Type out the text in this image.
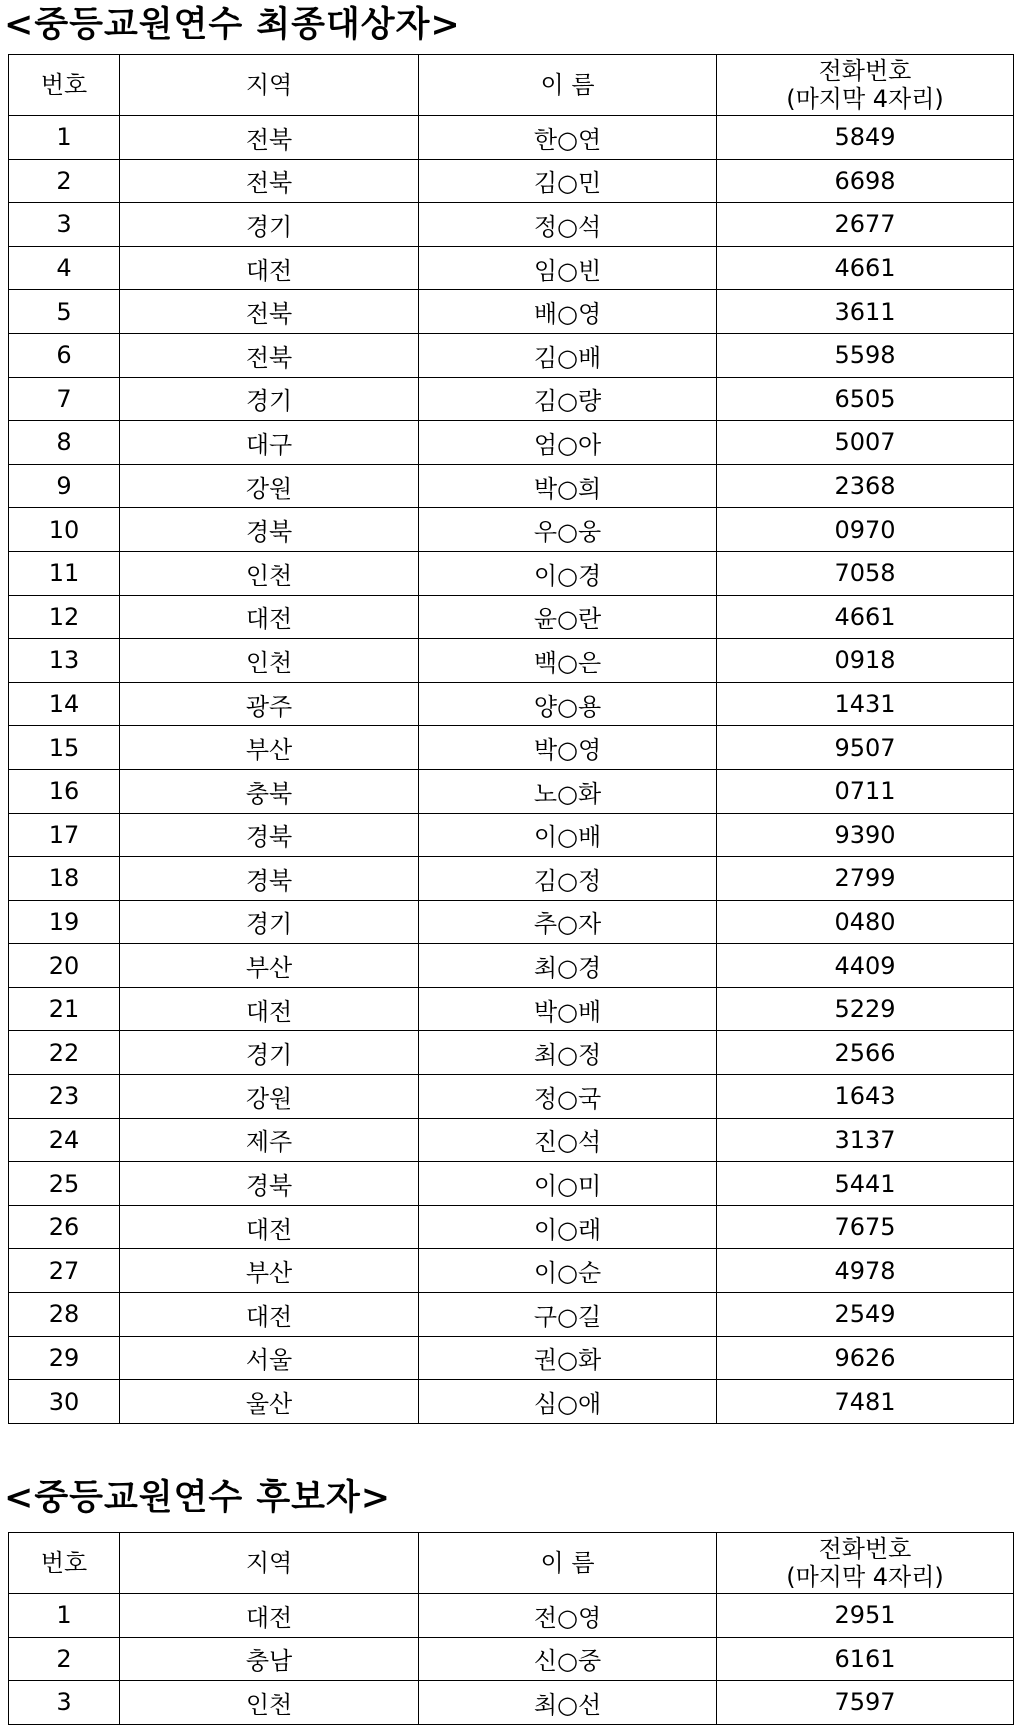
<중등교원연수 최종대상자>
번호	지역	이 름	전화번호
(마지막 4자리)

1	전북	한○연	5849
2	전북	김○민	6698
3	경기	정○석	2677
4	대전	임○빈	4661
5	전북	배○영	3611
6	전북	김○배	5598
7	경기	김○량	6505
8	대구	엄○아	5007
9	강원	박○희	2368
10	경북	우○웅	0970
11	인천	이○경	7058
12	대전	윤○란	4661
13	인천	백○은	0918
14	광주	양○용	1431
15	부산	박○영	9507
16	충북	노○화	0711
17	경북	이○배	9390
18	경북	김○정	2799
19	경기	추○자	0480
20	부산	최○경	4409
21	대전	박○배	5229
22	경기	최○정	2566
23	강원	정○국	1643
24	제주	진○석	3137
25	경북	이○미	5441
26	대전	이○래	7675
27	부산	이○순	4978
28	대전	구○길	2549
29	서울	권○화	9626
30	울산	심○애	7481
<중등교원연수 후보자>
번호	지역	이 름	전화번호
(마지막 4자리)

1	대전	전○영	2951
2	충남	신○중	6161
3	인천	최○선	7597
